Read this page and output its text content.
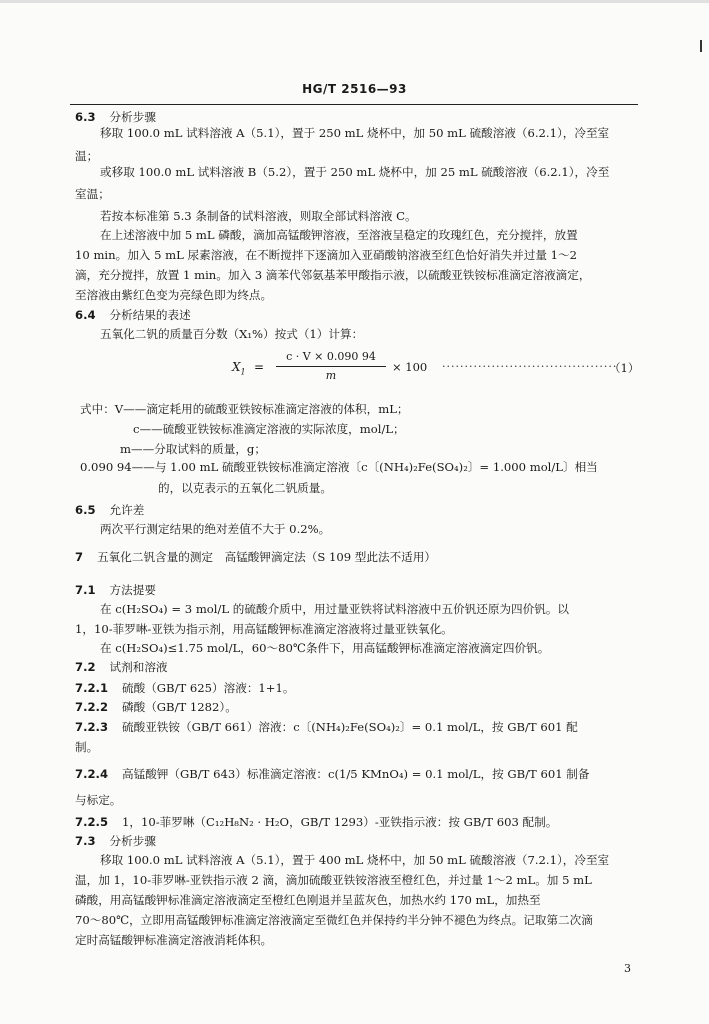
HG/T 2516—93
6.3 分析步骤
移取 100.0 mL 试料溶液 A（5.1），置于 250 mL 烧杯中，加 50 mL 硫酸溶液（6.2.1），冷至室
温；
或移取 100.0 mL 试料溶液 B（5.2），置于 250 mL 烧杯中，加 25 mL 硫酸溶液（6.2.1），冷至
室温；
若按本标准第 5.3 条制备的试料溶液，则取全部试料溶液 C。
在上述溶液中加 5 mL 磷酸，滴加高锰酸钾溶液，至溶液呈稳定的玫瑰红色，充分搅拌，放置
10 min。加入 5 mL 尿素溶液，在不断搅拌下逐滴加入亚硝酸钠溶液至红色恰好消失并过量 1～2
滴，充分搅拌，放置 1 min。加入 3 滴苯代邻氨基苯甲酸指示液，以硫酸亚铁铵标准滴定溶液滴定，
至溶液由紫红色变为亮绿色即为终点。
6.4 分析结果的表述
五氧化二钒的质量百分数（X₁%）按式（1）计算：
$X_1$ =
c · V × 0.090 94
m
× 100 ·······································
（1）
式中：V——滴定耗用的硫酸亚铁铵标准滴定溶液的体积，mL；
c——硫酸亚铁铵标准滴定溶液的实际浓度，mol/L；
m——分取试料的质量，g；
0.090 94——与 1.00 mL 硫酸亚铁铵标准滴定溶液〔c〔(NH₄)₂Fe(SO₄)₂〕= 1.000 mol/L〕相当
的，以克表示的五氧化二钒质量。
6.5 允许差
两次平行测定结果的绝对差值不大于 0.2%。
7 五氧化二钒含量的测定　高锰酸钾滴定法（S 109 型此法不适用）
7.1 方法提要
在 c(H₂SO₄) = 3 mol/L 的硫酸介质中，用过量亚铁将试料溶液中五价钒还原为四价钒。以
1，10-菲罗啉-亚铁为指示剂，用高锰酸钾标准滴定溶液将过量亚铁氧化。
在 c(H₂SO₄)≤1.75 mol/L，60～80℃条件下，用高锰酸钾标准滴定溶液滴定四价钒。
7.2 试剂和溶液
7.2.1 硫酸（GB/T 625）溶液：1+1。
7.2.2 磷酸（GB/T 1282）。
7.2.3 硫酸亚铁铵（GB/T 661）溶液：c〔(NH₄)₂Fe(SO₄)₂〕= 0.1 mol/L，按 GB/T 601 配
制。
7.2.4 高锰酸钾（GB/T 643）标准滴定溶液：c(1/5 KMnO₄) = 0.1 mol/L，按 GB/T 601 制备
与标定。
7.2.5 1，10-菲罗啉（C₁₂H₈N₂ · H₂O，GB/T 1293）-亚铁指示液：按 GB/T 603 配制。
7.3 分析步骤
移取 100.0 mL 试料溶液 A（5.1），置于 400 mL 烧杯中，加 50 mL 硫酸溶液（7.2.1），冷至室
温，加 1，10-菲罗啉-亚铁指示液 2 滴，滴加硫酸亚铁铵溶液至橙红色，并过量 1～2 mL。加 5 mL
磷酸，用高锰酸钾标准滴定溶液滴定至橙红色刚退并呈蓝灰色，加热水约 170 mL，加热至
70～80℃，立即用高锰酸钾标准滴定溶液滴定至微红色并保持约半分钟不褪色为终点。记取第二次滴
定时高锰酸钾标准滴定溶液消耗体积。
3
